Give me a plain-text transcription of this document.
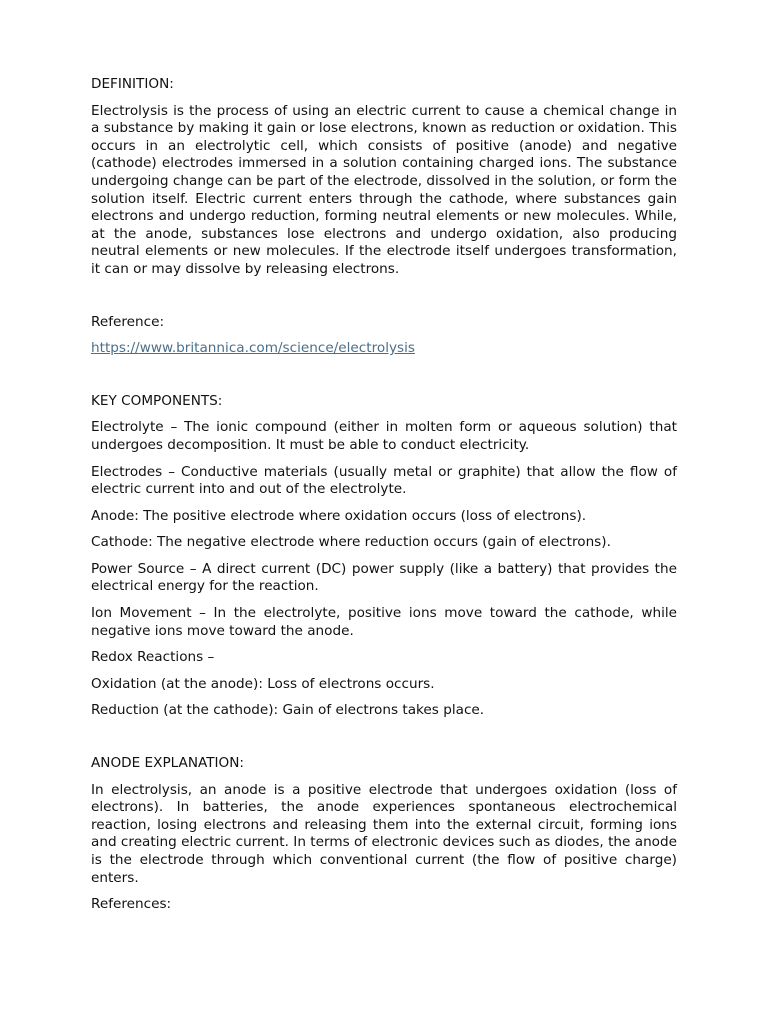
DEFINITION:

Electrolysis is the process of using an electric current to cause a chemical change in a substance by making it gain or lose electrons, known as reduction or oxidation. This occurs in an electrolytic cell, which consists of positive (anode) and negative (cathode) electrodes immersed in a solution containing charged ions. The substance undergoing change can be part of the electrode, dissolved in the solution, or form the solution itself. Electric current enters through the cathode, where substances gain electrons and undergo reduction, forming neutral elements or new molecules. While, at the anode, substances lose electrons and undergo oxidation, also producing neutral elements or new molecules. If the electrode itself undergoes transformation, it can or may dissolve by releasing electrons.

Reference:

https://www.britannica.com/science/electrolysis

KEY COMPONENTS:

Electrolyte – The ionic compound (either in molten form or aqueous solution) that undergoes decomposition. It must be able to conduct electricity.

Electrodes – Conductive materials (usually metal or graphite) that allow the flow of electric current into and out of the electrolyte.

Anode: The positive electrode where oxidation occurs (loss of electrons).

Cathode: The negative electrode where reduction occurs (gain of electrons).

Power Source – A direct current (DC) power supply (like a battery) that provides the electrical energy for the reaction.

Ion Movement – In the electrolyte, positive ions move toward the cathode, while negative ions move toward the anode.

Redox Reactions –

Oxidation (at the anode): Loss of electrons occurs.

Reduction (at the cathode): Gain of electrons takes place.

ANODE EXPLANATION:

In electrolysis, an anode is a positive electrode that undergoes oxidation (loss of electrons). In batteries, the anode experiences spontaneous electrochemical reaction, losing electrons and releasing them into the external circuit, forming ions and creating electric current. In terms of electronic devices such as diodes, the anode is the electrode through which conventional current (the flow of positive charge) enters.

References:
